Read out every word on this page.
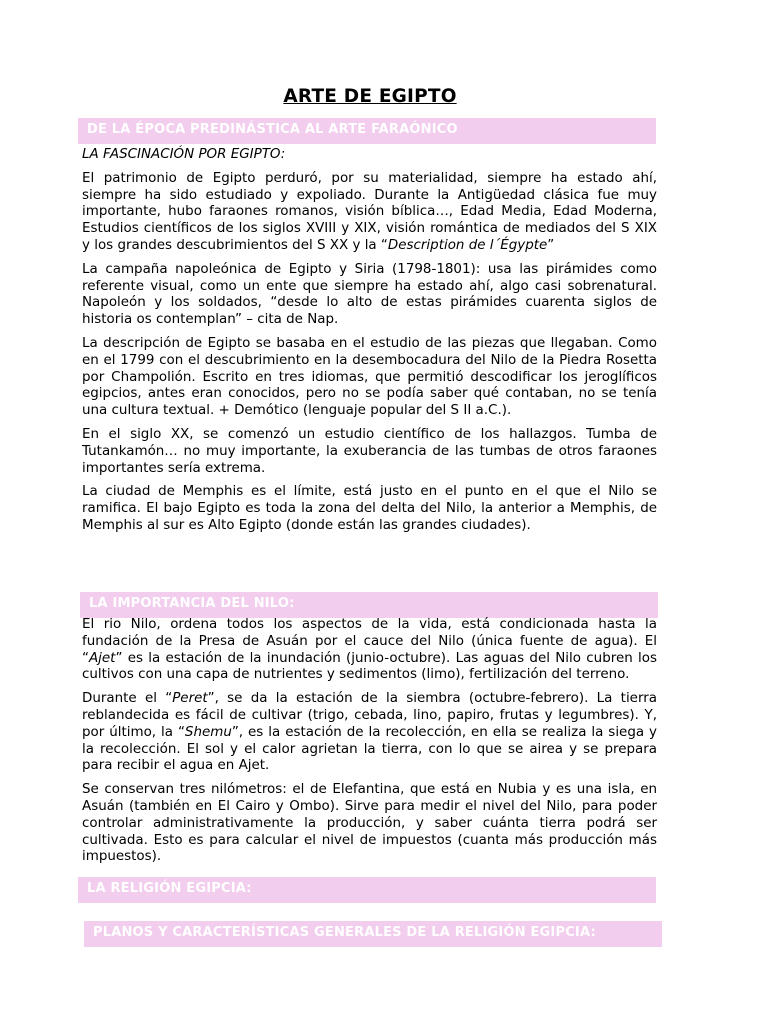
ARTE DE EGIPTO
DE LA ÉPOCA PREDINÁSTICA AL ARTE FARAÓNICO

LA FASCINACIÓN POR EGIPTO:

El patrimonio de Egipto perduró, por su materialidad, siempre ha estado ahí, siempre ha sido estudiado y expoliado. Durante la Antigüedad clásica fue muy importante, hubo faraones romanos, visión bíblica…, Edad Media, Edad Moderna, Estudios científicos de los siglos XVIII y XIX, visión romántica de mediados del S XIX y los grandes descubrimientos del S XX y la “Description de l´Égypte”

La campaña napoleónica de Egipto y Siria (1798-1801): usa las pirámides como referente visual, como un ente que siempre ha estado ahí, algo casi sobrenatural. Napoleón y los soldados, “desde lo alto de estas pirámides cuarenta siglos de historia os contemplan” – cita de Nap.

La descripción de Egipto se basaba en el estudio de las piezas que llegaban. Como en el 1799 con el descubrimiento en la desembocadura del Nilo de la Piedra Rosetta por Champolión. Escrito en tres idiomas, que permitió descodificar los jeroglíficos egipcios, antes eran conocidos, pero no se podía saber qué contaban, no se tenía una cultura textual. + Demótico (lenguaje popular del S II a.C.).

En el siglo XX, se comenzó un estudio científico de los hallazgos. Tumba de Tutankamón… no muy importante, la exuberancia de las tumbas de otros faraones importantes sería extrema.

La ciudad de Memphis es el límite, está justo en el punto en el que el Nilo se ramifica. El bajo Egipto es toda la zona del delta del Nilo, la anterior a Memphis, de Memphis al sur es Alto Egipto (donde están las grandes ciudades).

LA IMPORTANCIA DEL NILO:

El rio Nilo, ordena todos los aspectos de la vida, está condicionada hasta la fundación de la Presa de Asuán por el cauce del Nilo (única fuente de agua). El “Ajet” es la estación de la inundación (junio-octubre). Las aguas del Nilo cubren los cultivos con una capa de nutrientes y sedimentos (limo), fertilización del terreno.

Durante el “Peret”, se da la estación de la siembra (octubre-febrero). La tierra reblandecida es fácil de cultivar (trigo, cebada, lino, papiro, frutas y legumbres). Y, por último, la “Shemu”, es la estación de la recolección, en ella se realiza la siega y la recolección. El sol y el calor agrietan la tierra, con lo que se airea y se prepara para recibir el agua en Ajet.

Se conservan tres nilómetros: el de Elefantina, que está en Nubia y es una isla, en Asuán (también en El Cairo y Ombo). Sirve para medir el nivel del Nilo, para poder controlar administrativamente la producción, y saber cuánta tierra podrá ser cultivada. Esto es para calcular el nivel de impuestos (cuanta más producción más impuestos).

LA RELIGIÓN EGIPCIA:
PLANOS Y CARACTERÍSTICAS GENERALES DE LA RELIGIÓN EGIPCIA:
